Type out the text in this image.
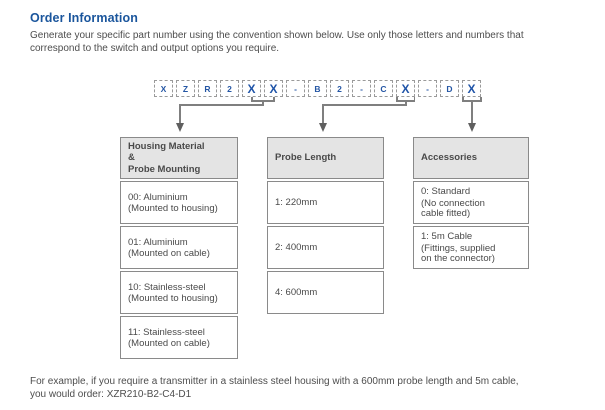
Order Information
Generate your specific part number using the convention shown below. Use only those letters and numbers that
correspond to the switch and output options you require.
X	Z	R	2	X	X	-	B	2	-	C	X	-	D	X
Housing Material
&
Probe Mounting
00: Aluminium
(Mounted to housing)
01: Aluminium
(Mounted on cable)
10: Stainless-steel
(Mounted to housing)
11: Stainless-steel
(Mounted on cable)
Probe Length
1: 220mm
2: 400mm
4: 600mm
Accessories
0: Standard
(No connection
cable fitted)
1: 5m Cable
(Fittings, supplied
on the connector)
For example, if you require a transmitter in a stainless steel housing with a 600mm probe length and 5m cable,
you would order: XZR210-B2-C4-D1
